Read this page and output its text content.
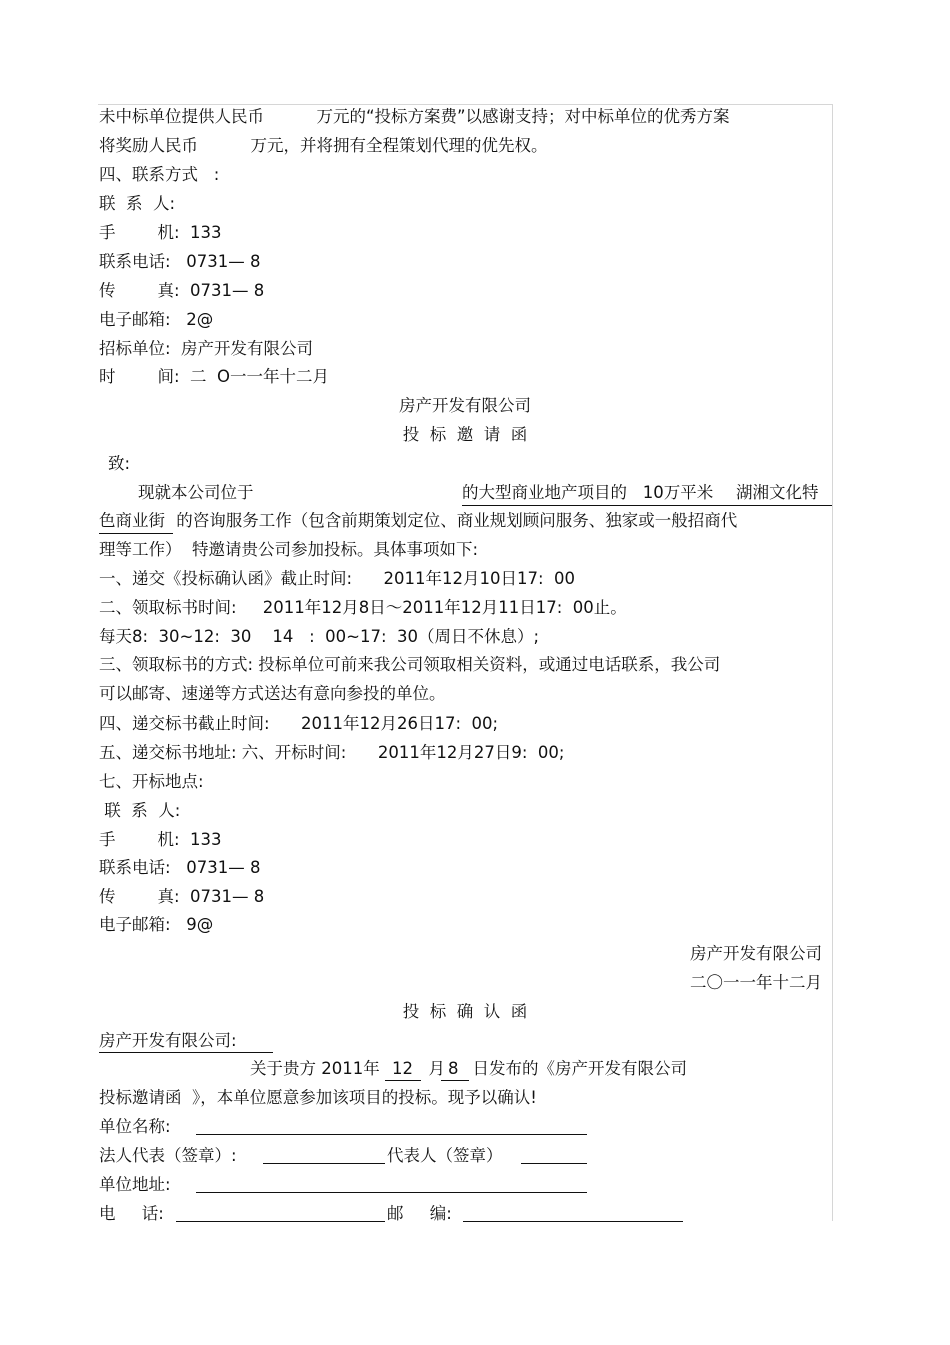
未中标单位提供人民币          万元的“投标方案费”以感谢支持；对中标单位的优秀方案

将奖励人民币          万元，并将拥有全程策划代理的优先权。

四、联系方式   :

联  系  人:

手        机:  133

联系电话:   0731— 8

传        真:  0731— 8

电子邮箱:   2@

招标单位:  房产开发有限公司

时        间:  二  O一一年十二月

房产开发有限公司

投  标  邀  请  函

致:

现就本公司位于	的大型商业地产项目的   10万平米 湖湘文化特

色商业街 的咨询服务工作（包含前期策划定位、商业规划顾问服务、独家或一般招商代

理等工作）  特邀请贵公司参加投标。具体事项如下:

一、递交《投标确认函》截止时间:      2011年12月10日17:  00

二、领取标书时间:     2011年12月8日～2011年12月11日17:  00止。

每天8:  30~12:  30    14   :  00~17:  30（周日不休息）;

三、领取标书的方式: 投标单位可前来我公司领取相关资料，或通过电话联系，我公司

可以邮寄、速递等方式送达有意向参投的单位。

四、递交标书截止时间:      2011年12月26日17:  00;

五、递交标书地址: 六、开标时间:      2011年12月27日9:  00;

七、开标地点:

联  系  人:

手        机:  133

联系电话:   0731— 8

传        真:  0731— 8

电子邮箱:   9@

房产开发有限公司

二〇一一年十二月

投  标  确  认  函

房产开发有限公司:

关于贵方 2011年 12 月

8 日发布的《房产开发有限公司

投标邀请函  》，本单位愿意参加该项目的投标。现予以确认!

单位名称:

法人代表（签章）:	代表人（签章）

单位地址:

电     话:	邮     编:
